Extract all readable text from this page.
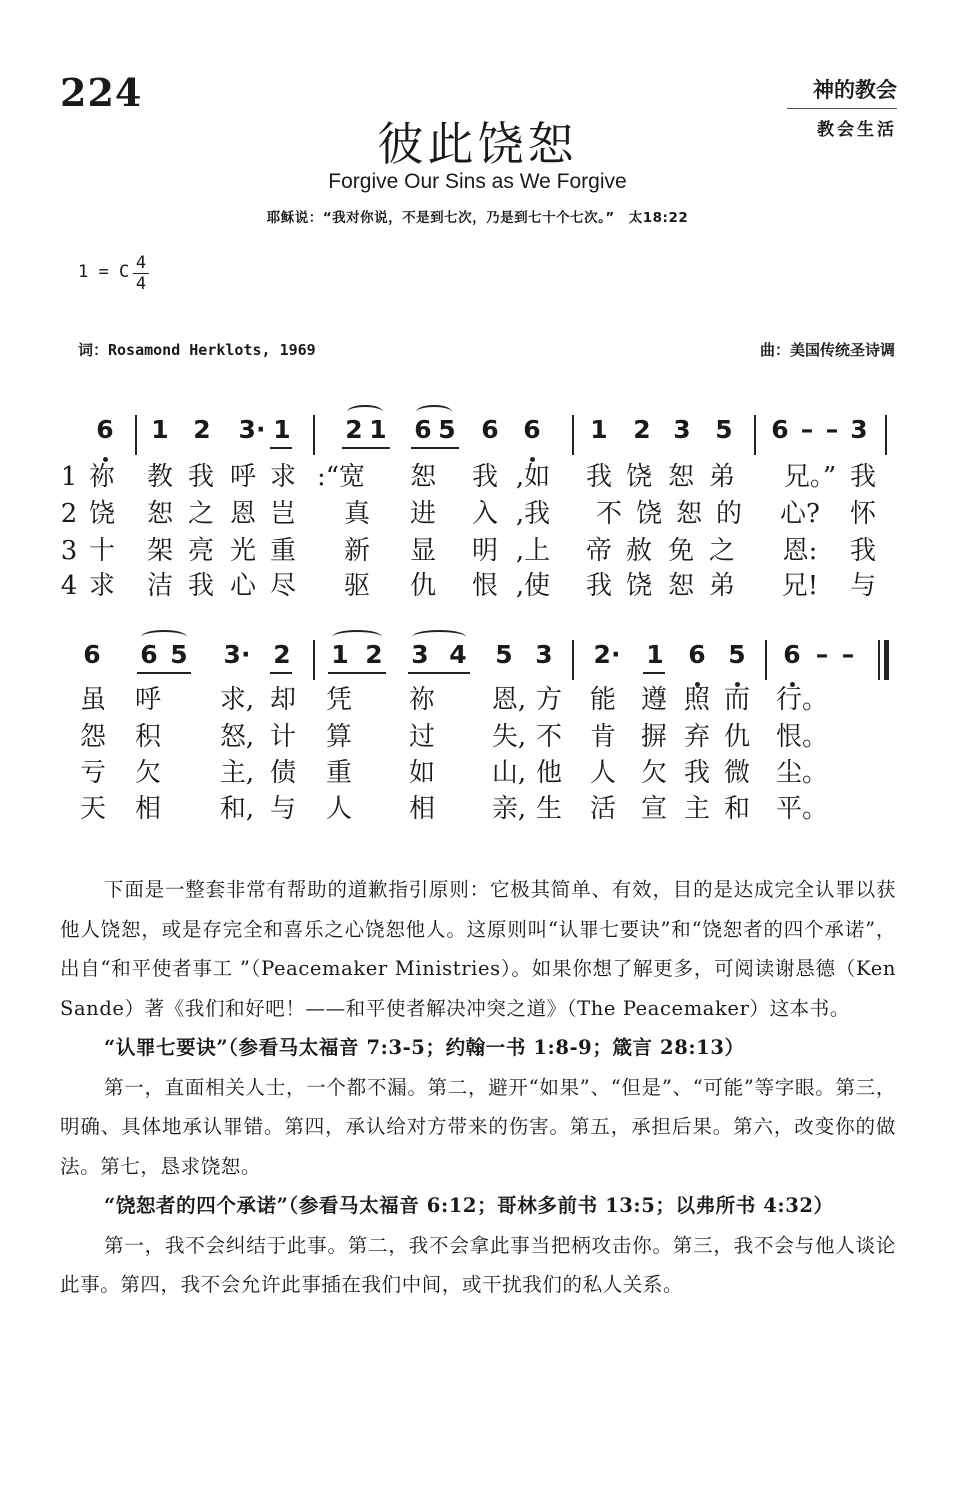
224	神的教会
教会生活
彼此饶恕
Forgive Our Sins as We Forgive
耶稣说：“我对你说，不是到七次，乃是到七十个七次。”　太18:22
1 = C 4
4
词：Rosamond Herklots, 1969	曲：美国传统圣诗调
6 1 2 3· 1 2 1 6 5 6 6 1 2 3 5 6 – – 3
1 祢 教 我 呼 求 :“宽	恕 我 ,如	我 饶 恕 弟	兄。” 我
2 饶 恕 之 恩 岂 真 进 入 ,我	不 饶 恕 的	心?	怀
3 十 架 亮 光 重 新 显 明 ,上	帝 赦 免 之	恩:	我
4 求 洁 我 心 尽 驱 仇 恨 ,使	我 饶 恕 弟	兄!	与
6 6 5 3· 2 1 2 3 4 5 3 2· 1 6 5 6 – –
虽 呼	求, 却 凭 祢 恩, 方 能 遵 照 而 行。
怨 积	怒, 计 算 过 失, 不 肯 摒 弃 仇 恨。
亏 欠	主, 债 重 如 山, 他 人 欠 我 微 尘。
天 相	和, 与 人 相 亲, 生 活 宣 主 和 平。

下面是一整套非常有帮助的道歉指引原则：它极其简单、有效，目的是达成完全认罪以获他人饶恕，或是存完全和喜乐之心饶恕他人。这原则叫“认罪七要诀”和“饶恕者的四个承诺”，出自“和平使者事工 ”（Peacemaker Ministries）。如果你想了解更多，可阅读谢恳德（Ken Sande）著《我们和好吧！——和平使者解决冲突之道》（The Peacemaker）这本书。

“认罪七要诀”（参看马太福音 7:3-5；约翰一书 1:8-9；箴言 28:13）

第一，直面相关人士，一个都不漏。第二，避开“如果”、“但是”、“可能”等字眼。第三，明确、具体地承认罪错。第四，承认给对方带来的伤害。第五，承担后果。第六，改变你的做法。第七，恳求饶恕。

“饶恕者的四个承诺”（参看马太福音 6:12；哥林多前书 13:5；以弗所书 4:32）

第一，我不会纠结于此事。第二，我不会拿此事当把柄攻击你。第三，我不会与他人谈论此事。第四，我不会允许此事插在我们中间，或干扰我们的私人关系。
